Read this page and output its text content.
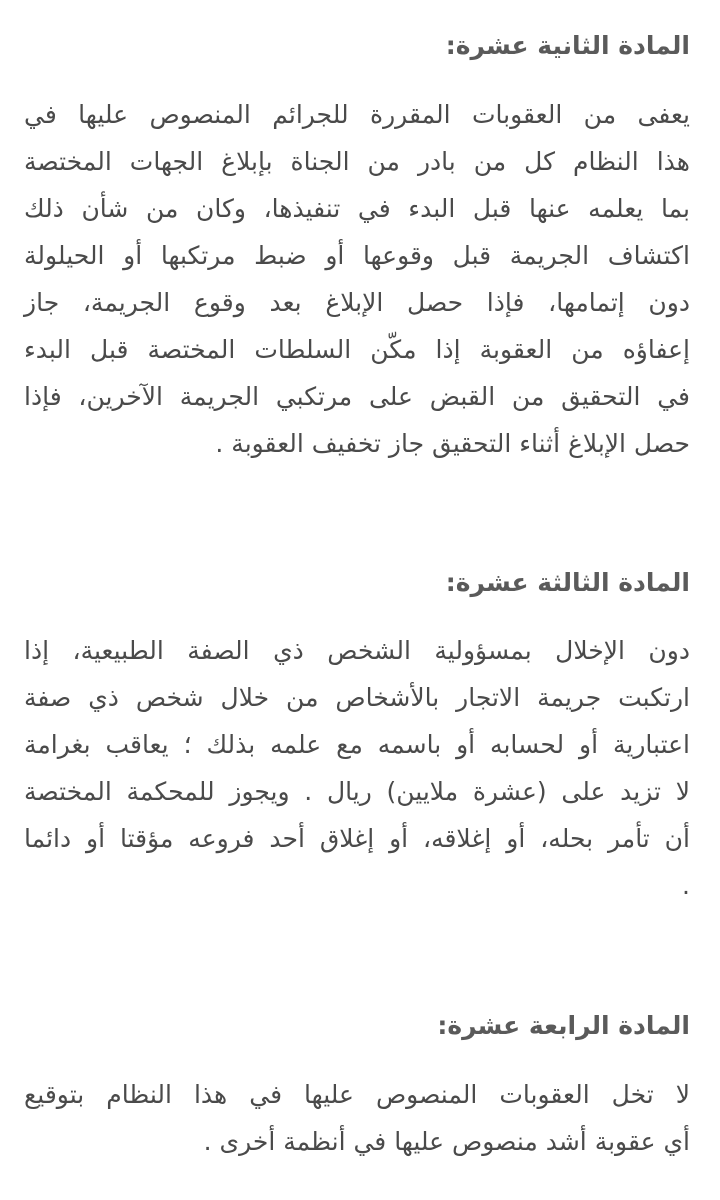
المادة الثانية عشرة:
يعفى من العقوبات المقررة للجرائم المنصوص عليها في
هذا النظام كل من بادر من الجناة بإبلاغ الجهات المختصة
بما يعلمه عنها قبل البدء في تنفيذها، وكان من شأن ذلك
اكتشاف الجريمة قبل وقوعها أو ضبط مرتكبها أو الحيلولة
دون إتمامها، فإذا حصل الإبلاغ بعد وقوع الجريمة، جاز
إعفاؤه من العقوبة إذا مكّن السلطات المختصة قبل البدء
في التحقيق من القبض على مرتكبي الجريمة الآخرين، فإذا
حصل الإبلاغ أثناء التحقيق جاز تخفيف العقوبة .
المادة الثالثة عشرة:
دون الإخلال بمسؤولية الشخص ذي الصفة الطبيعية، إذا
ارتكبت جريمة الاتجار بالأشخاص من خلال شخص ذي صفة
اعتبارية أو لحسابه أو باسمه مع علمه بذلك ؛ يعاقب بغرامة
لا تزيد على (عشرة ملايين) ريال . ويجوز للمحكمة المختصة
أن تأمر بحله، أو إغلاقه، أو إغلاق أحد فروعه مؤقتا أو دائما
.
المادة الرابعة عشرة:
لا تخل العقوبات المنصوص عليها في هذا النظام بتوقيع
أي عقوبة أشد منصوص عليها في أنظمة أخرى .
